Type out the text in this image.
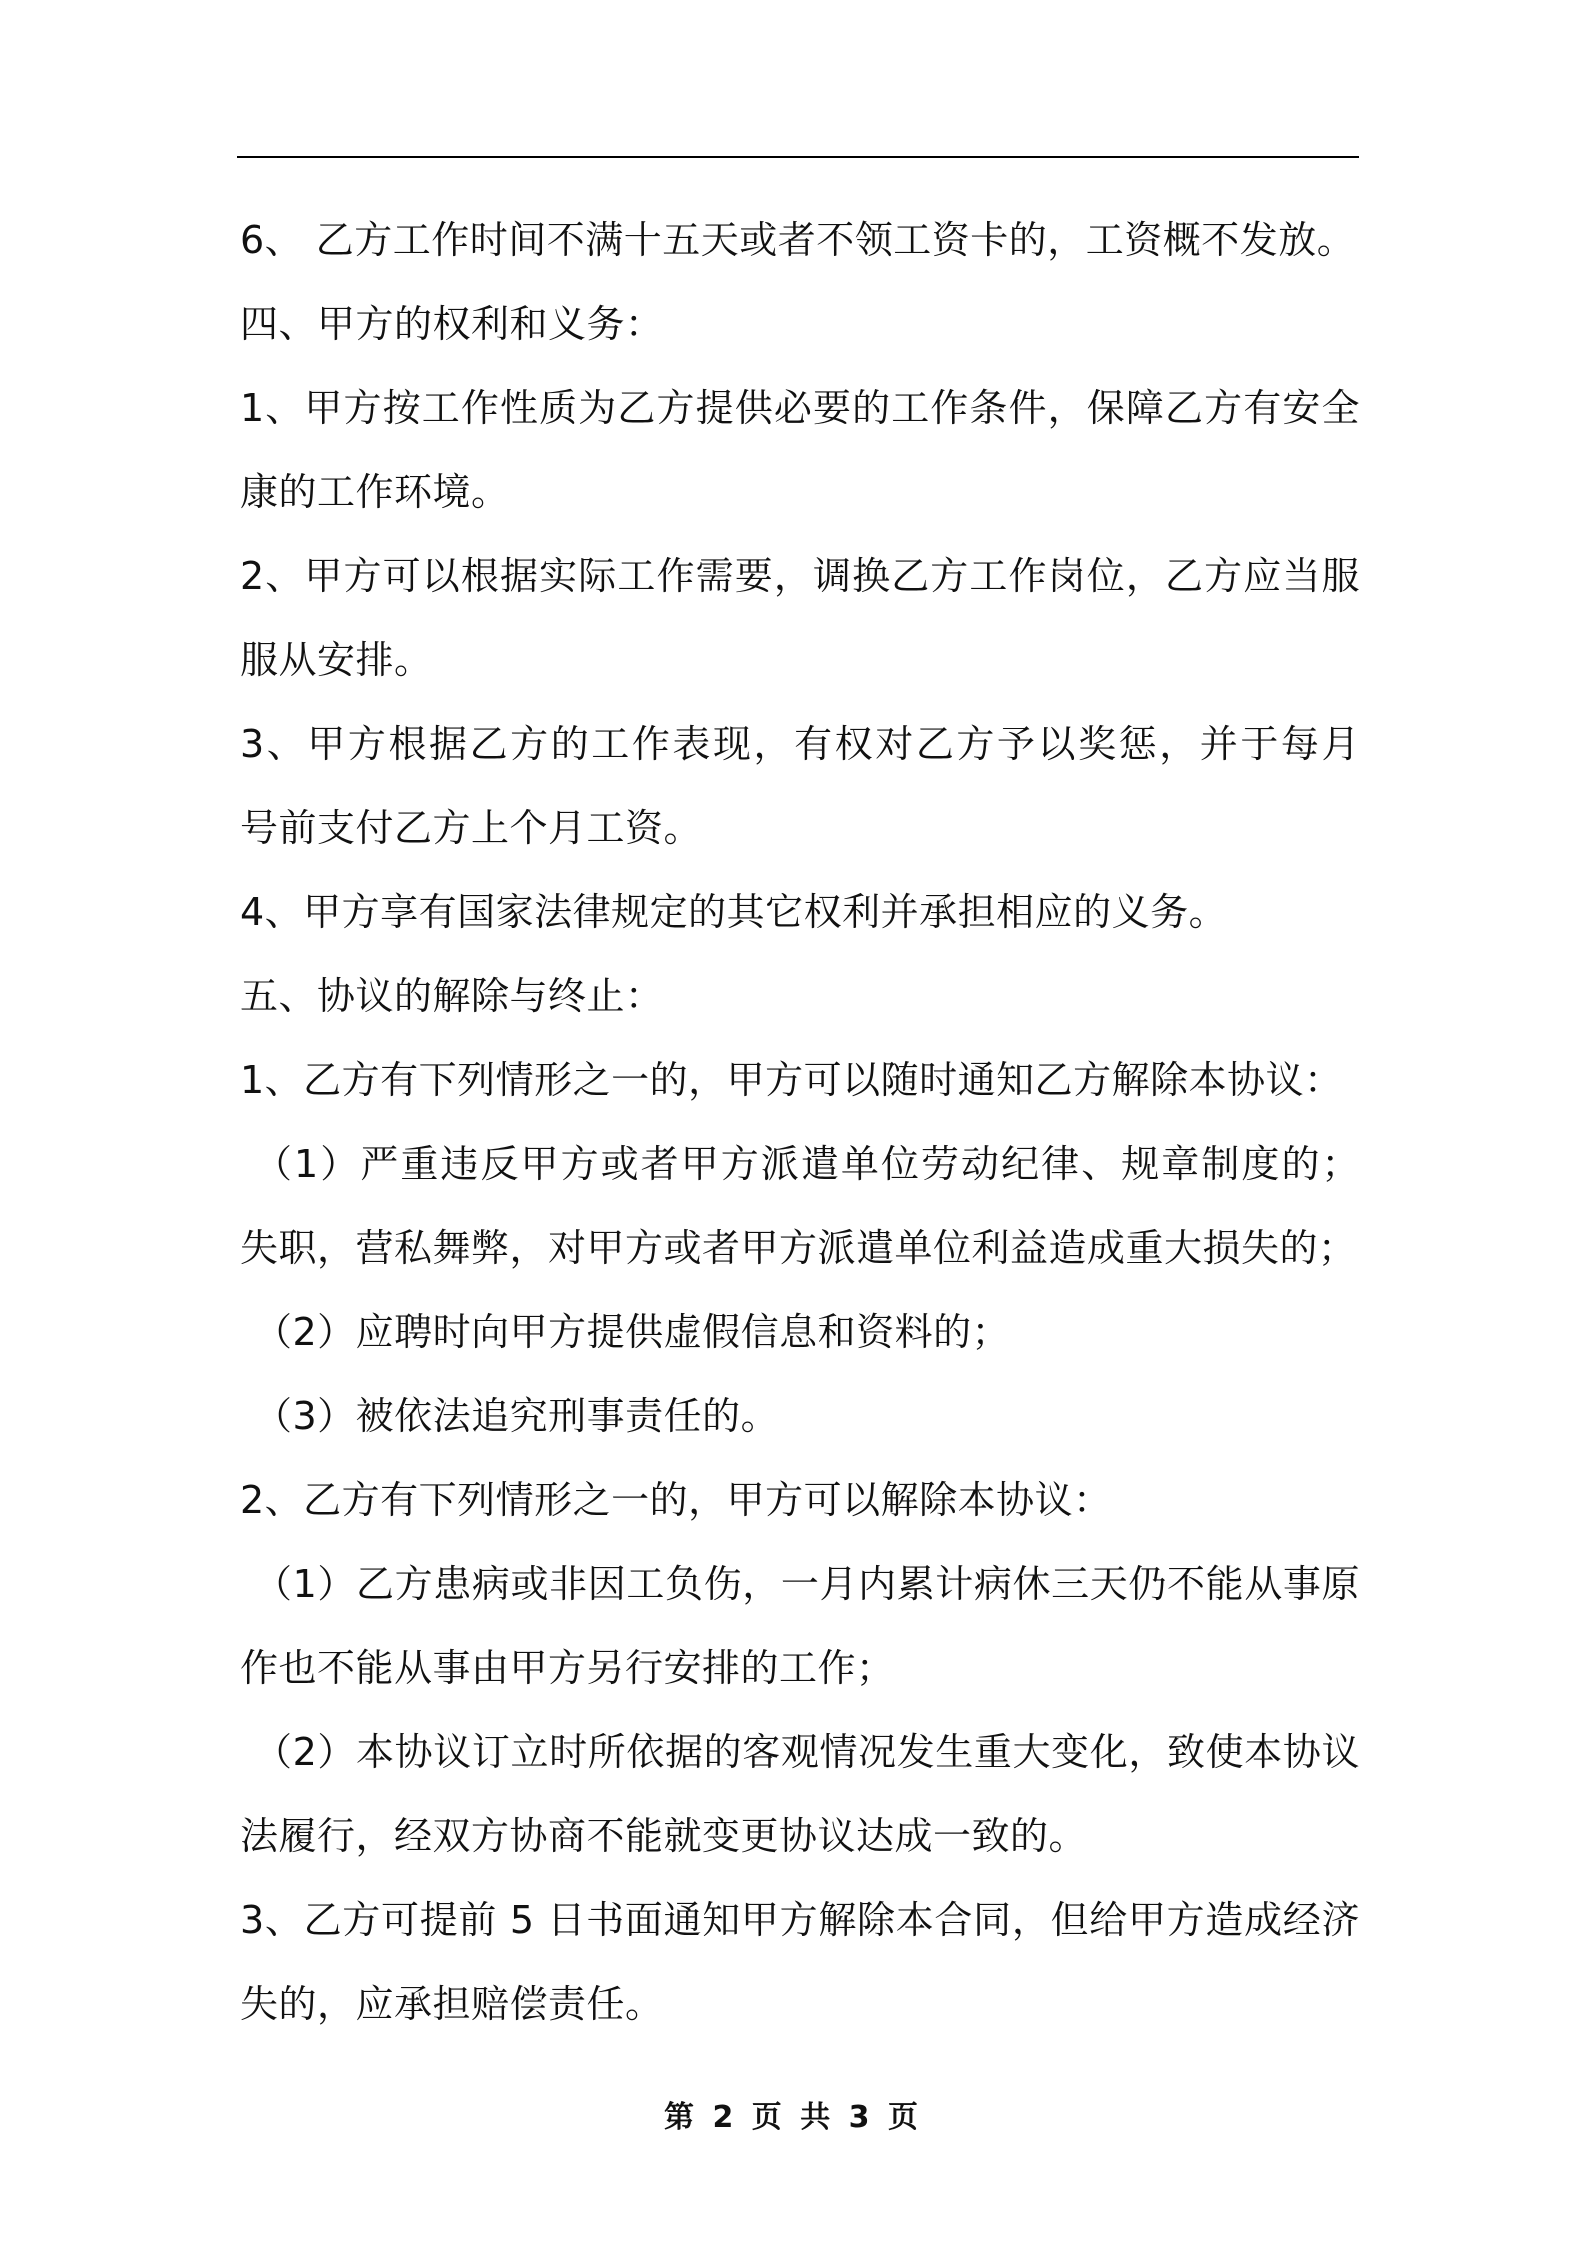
6、 乙方工作时间不满十五天或者不领工资卡的，工资概不发放。
四、甲方的权利和义务：
1、甲方按工作性质为乙方提供必要的工作条件，保障乙方有安全
康的工作环境。
2、甲方可以根据实际工作需要，调换乙方工作岗位，乙方应当服
服从安排。
3、甲方根据乙方的工作表现，有权对乙方予以奖惩，并于每月
号前支付乙方上个月工资。
4、甲方享有国家法律规定的其它权利并承担相应的义务。
五、协议的解除与终止：
1、乙方有下列情形之一的，甲方可以随时通知乙方解除本协议：
（1）严重违反甲方或者甲方派遣单位劳动纪律、规章制度的；
失职，营私舞弊，对甲方或者甲方派遣单位利益造成重大损失的；
（2）应聘时向甲方提供虚假信息和资料的；
（3）被依法追究刑事责任的。
2、乙方有下列情形之一的，甲方可以解除本协议：
（1）乙方患病或非因工负伤，一月内累计病休三天仍不能从事原
作也不能从事由甲方另行安排的工作；
（2）本协议订立时所依据的客观情况发生重大变化，致使本协议
法履行，经双方协商不能就变更协议达成一致的。
3、乙方可提前 5 日书面通知甲方解除本合同，但给甲方造成经济
失的，应承担赔偿责任。
第 2 页 共 3 页
